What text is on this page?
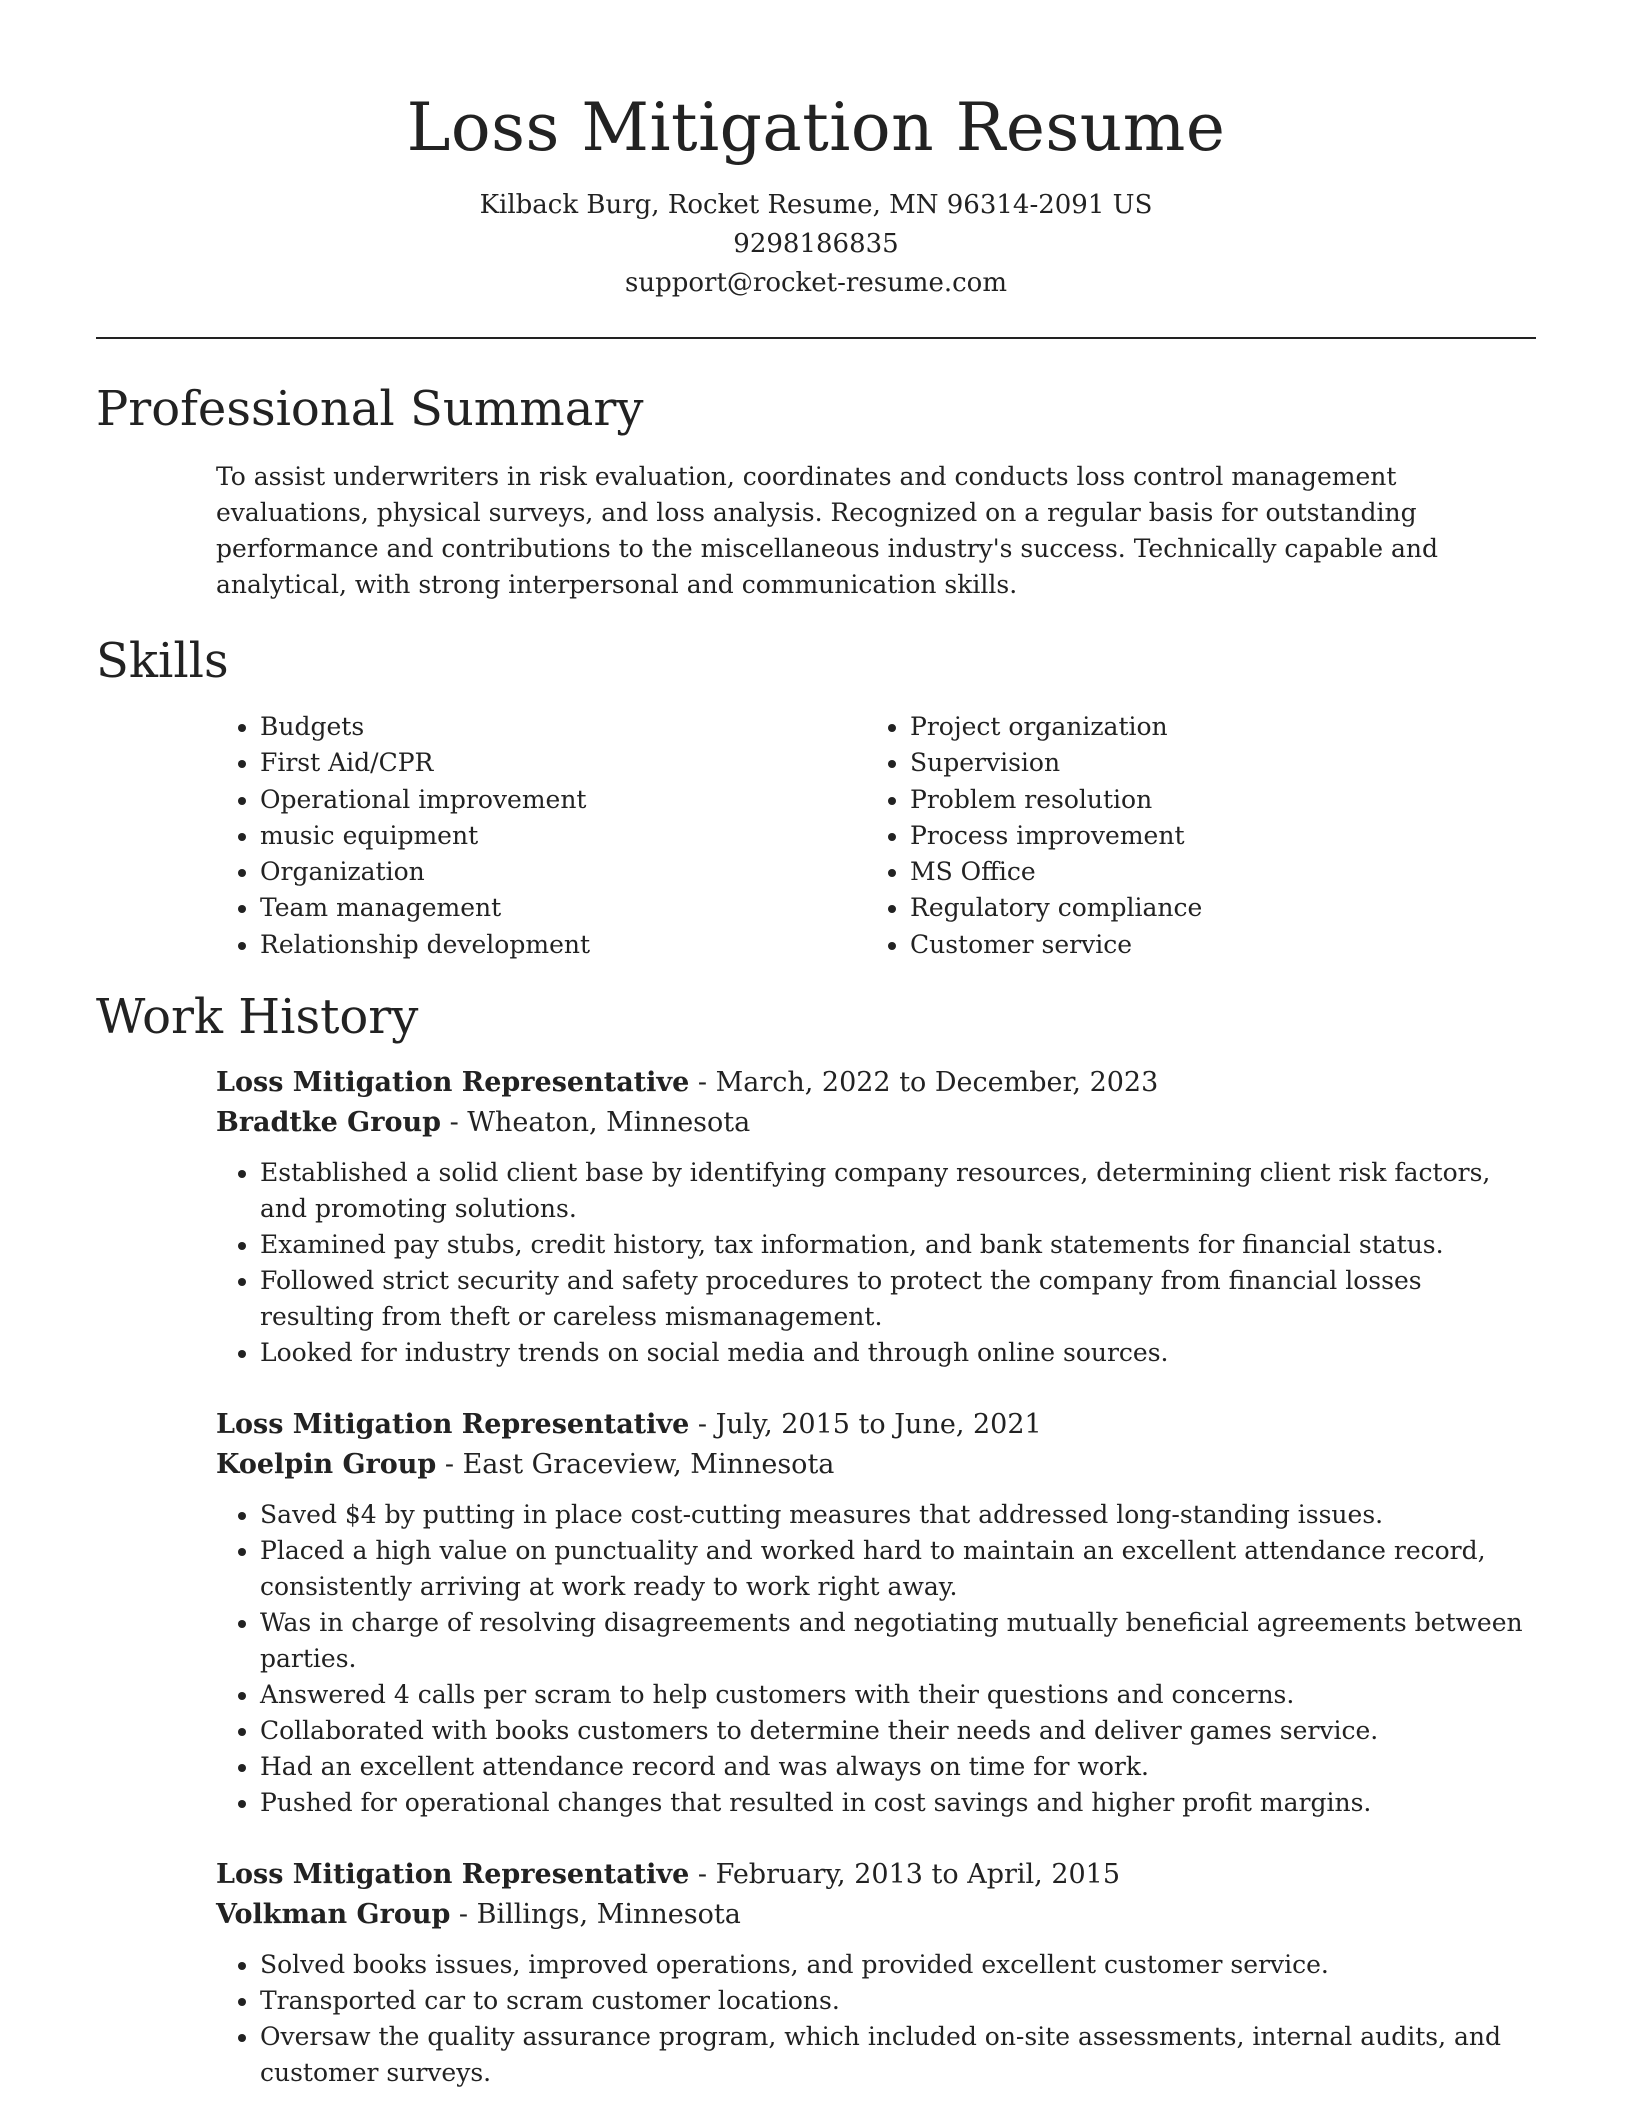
Loss Mitigation Resume
Kilback Burg, Rocket Resume, MN 96314-2091 US
9298186835
support@rocket-resume.com
Professional Summary
To assist underwriters in risk evaluation, coordinates and conducts loss control management evaluations, physical surveys, and loss analysis. Recognized on a regular basis for outstanding performance and contributions to the miscellaneous industry's success. Technically capable and analytical, with strong interpersonal and communication skills.
Skills
• Budgets
• First Aid/CPR
• Operational improvement
• music equipment
• Organization
• Team management
• Relationship development
• Project organization
• Supervision
• Problem resolution
• Process improvement
• MS Office
• Regulatory compliance
• Customer service
Work History
Loss Mitigation Representative - March, 2022 to December, 2023
Bradtke Group - Wheaton, Minnesota
• Established a solid client base by identifying company resources, determining client risk factors, and promoting solutions.
• Examined pay stubs, credit history, tax information, and bank statements for financial status.
• Followed strict security and safety procedures to protect the company from financial losses resulting from theft or careless mismanagement.
• Looked for industry trends on social media and through online sources.
Loss Mitigation Representative - July, 2015 to June, 2021
Koelpin Group - East Graceview, Minnesota
• Saved $4 by putting in place cost-cutting measures that addressed long-standing issues.
• Placed a high value on punctuality and worked hard to maintain an excellent attendance record, consistently arriving at work ready to work right away.
• Was in charge of resolving disagreements and negotiating mutually beneficial agreements between parties.
• Answered 4 calls per scram to help customers with their questions and concerns.
• Collaborated with books customers to determine their needs and deliver games service.
• Had an excellent attendance record and was always on time for work.
• Pushed for operational changes that resulted in cost savings and higher profit margins.
Loss Mitigation Representative - February, 2013 to April, 2015
Volkman Group - Billings, Minnesota
• Solved books issues, improved operations, and provided excellent customer service.
• Transported car to scram customer locations.
• Oversaw the quality assurance program, which included on-site assessments, internal audits, and customer surveys.
